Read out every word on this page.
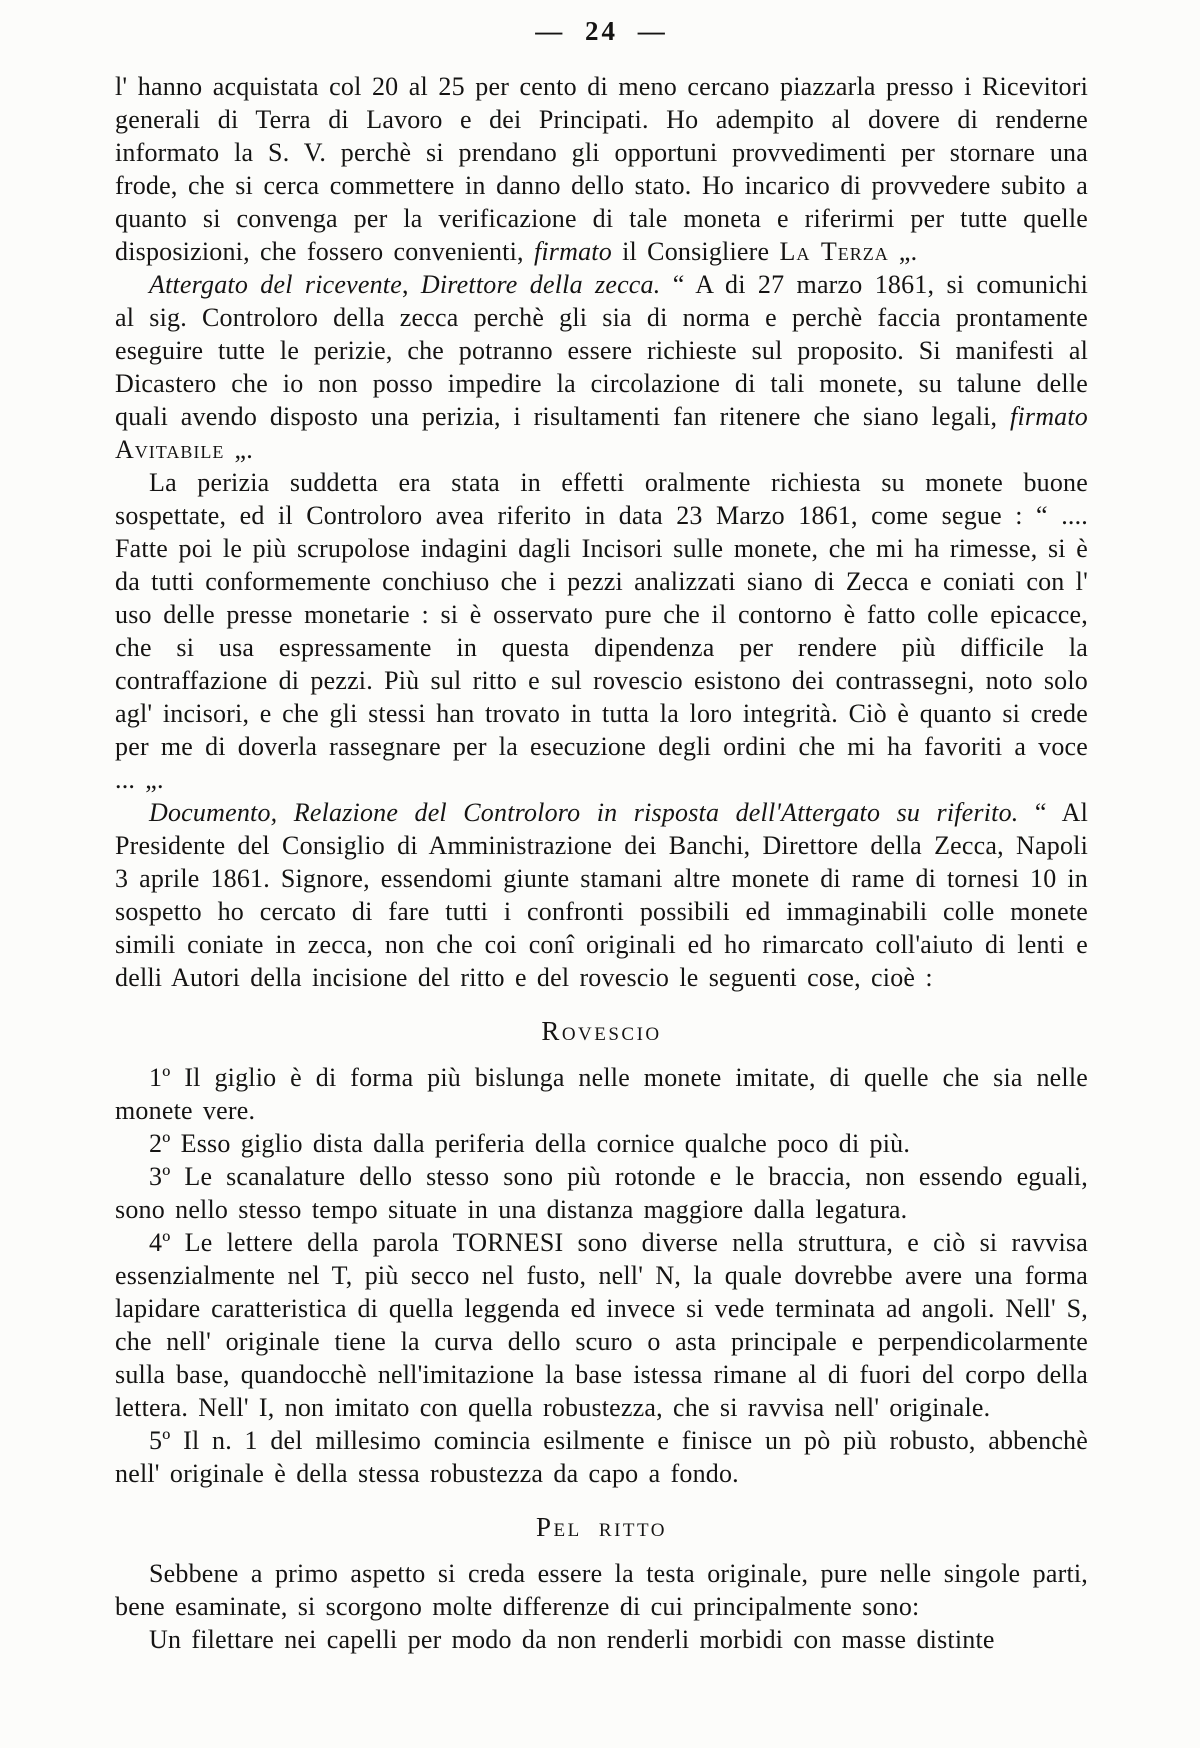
— 24 —

l' hanno acquistata col 20 al 25 per cento di meno cercano piazzarla presso i Ricevitori generali di Terra di Lavoro e dei Principati. Ho adempito al dovere di renderne informato la S. V. perchè si prendano gli opportuni provvedimenti per stornare una frode, che si cerca commettere in danno dello stato. Ho incarico di provvedere subito a quanto si convenga per la verificazione di tale moneta e riferirmi per tutte quelle disposizioni, che fossero convenienti, firmato il Consigliere La Terza „.

Attergato del ricevente, Direttore della zecca. “ A di 27 marzo 1861, si comunichi al sig. Controloro della zecca perchè gli sia di norma e perchè faccia prontamente eseguire tutte le perizie, che potranno essere richieste sul proposito. Si manifesti al Dicastero che io non posso impedire la circolazione di tali monete, su talune delle quali avendo disposto una perizia, i risultamenti fan ritenere che siano legali, firmato Avitabile „.

La perizia suddetta era stata in effetti oralmente richiesta su monete buone sospettate, ed il Controloro avea riferito in data 23 Marzo 1861, come segue : “ .... Fatte poi le più scrupolose indagini dagli Incisori sulle monete, che mi ha rimesse, si è da tutti conformemente conchiuso che i pezzi analizzati siano di Zecca e coniati con l' uso delle presse monetarie : si è osservato pure che il contorno è fatto colle epicacce, che si usa espressamente in questa dipendenza per rendere più difficile la contraffazione di pezzi. Più sul ritto e sul rovescio esistono dei contrassegni, noto solo agl' incisori, e che gli stessi han trovato in tutta la loro integrità. Ciò è quanto si crede per me di doverla rassegnare per la esecuzione degli ordini che mi ha favoriti a voce ... „.

Documento, Relazione del Controloro in risposta dell'Attergato su riferito. “ Al Presidente del Consiglio di Amministrazione dei Banchi, Direttore della Zecca, Napoli 3 aprile 1861. Signore, essendomi giunte stamani altre monete di rame di tornesi 10 in sospetto ho cercato di fare tutti i confronti possibili ed immaginabili colle monete simili coniate in zecca, non che coi conî originali ed ho rimarcato coll'aiuto di lenti e delli Autori della incisione del ritto e del rovescio le seguenti cose, cioè :

Rovescio

1º Il giglio è di forma più bislunga nelle monete imitate, di quelle che sia nelle monete vere.

2º Esso giglio dista dalla periferia della cornice qualche poco di più.

3º Le scanalature dello stesso sono più rotonde e le braccia, non essendo eguali, sono nello stesso tempo situate in una distanza maggiore dalla legatura.

4º Le lettere della parola TORNESI sono diverse nella struttura, e ciò si ravvisa essenzialmente nel T, più secco nel fusto, nell' N, la quale dovrebbe avere una forma lapidare caratteristica di quella leggenda ed invece si vede terminata ad angoli. Nell' S, che nell' originale tiene la curva dello scuro o asta principale e perpendicolarmente sulla base, quandocchè nell'imitazione la base istessa rimane al di fuori del corpo della lettera. Nell' I, non imitato con quella robustezza, che si ravvisa nell' originale.

5º Il n. 1 del millesimo comincia esilmente e finisce un pò più robusto, abbenchè nell' originale è della stessa robustezza da capo a fondo.

Pel ritto

Sebbene a primo aspetto si creda essere la testa originale, pure nelle singole parti, bene esaminate, si scorgono molte differenze di cui principalmente sono:

Un filettare nei capelli per modo da non renderli morbidi con masse distinte
